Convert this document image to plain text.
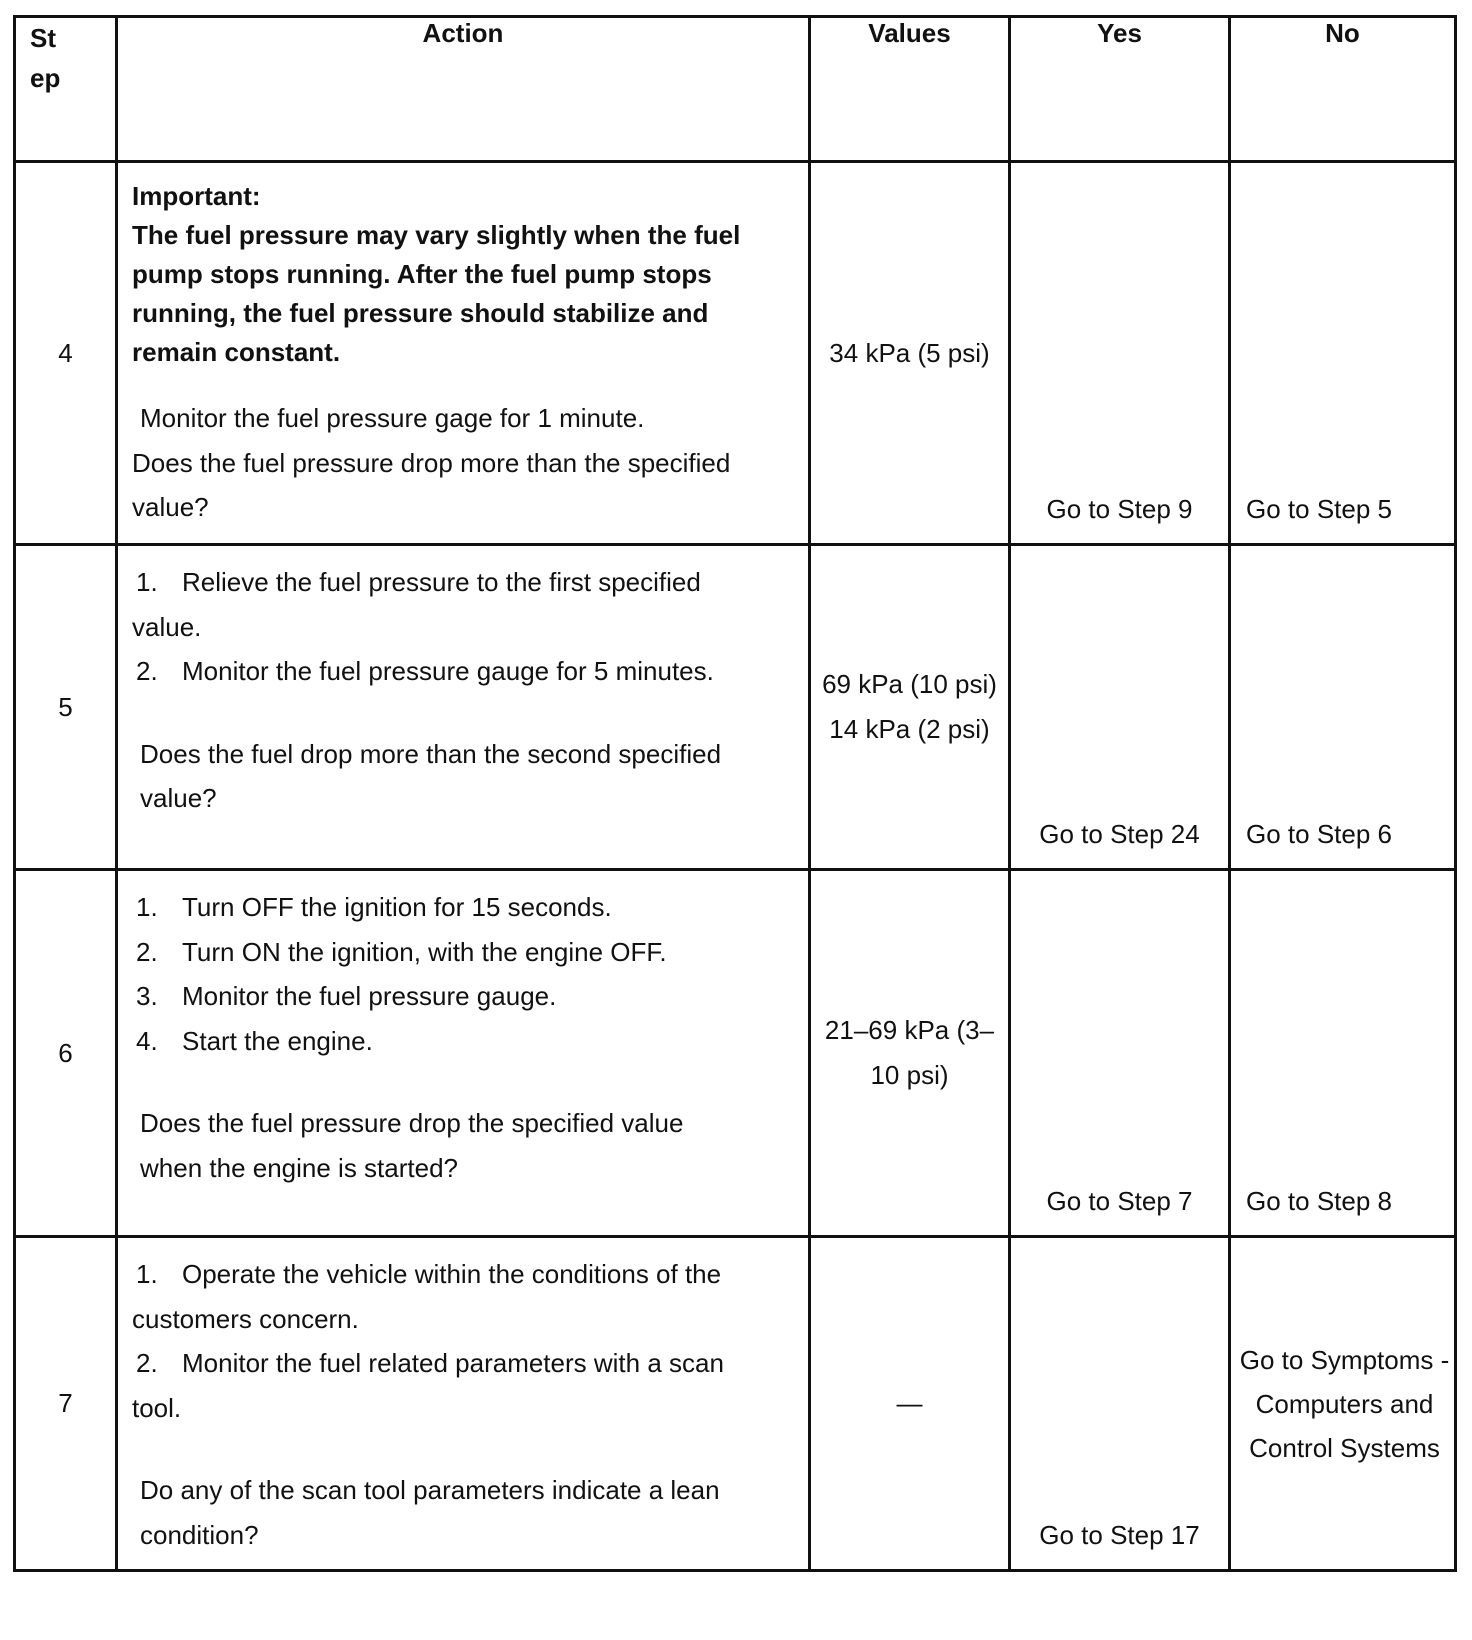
St
ep	Action	Values	Yes	No
4	Important:
The fuel pressure may vary slightly when the fuel pump stops running. After the fuel pump stops running, the fuel pressure should stabilize and remain constant.
Monitor the fuel pressure gage for 1 minute.
Does the fuel pressure drop more than the specified value?	34 kPa (5 psi)	Go to Step 9	Go to Step 5
5	1. Relieve the fuel pressure to the first specified value.
2. Monitor the fuel pressure gauge for 5 minutes.
Does the fuel drop more than the second specified value?	69 kPa (10 psi) 14 kPa (2 psi)	Go to Step 24	Go to Step 6
6	1. Turn OFF the ignition for 15 seconds.
2. Turn ON the ignition, with the engine OFF.
3. Monitor the fuel pressure gauge.
4. Start the engine.
Does the fuel pressure drop the specified value when the engine is started?	21–69 kPa (3–10 psi)	Go to Step 7	Go to Step 8
7	1. Operate the vehicle within the conditions of the customers concern.
2. Monitor the fuel related parameters with a scan tool.
Do any of the scan tool parameters indicate a lean condition?	—	Go to Step 17	Go to Symptoms - Computers and Control Systems
